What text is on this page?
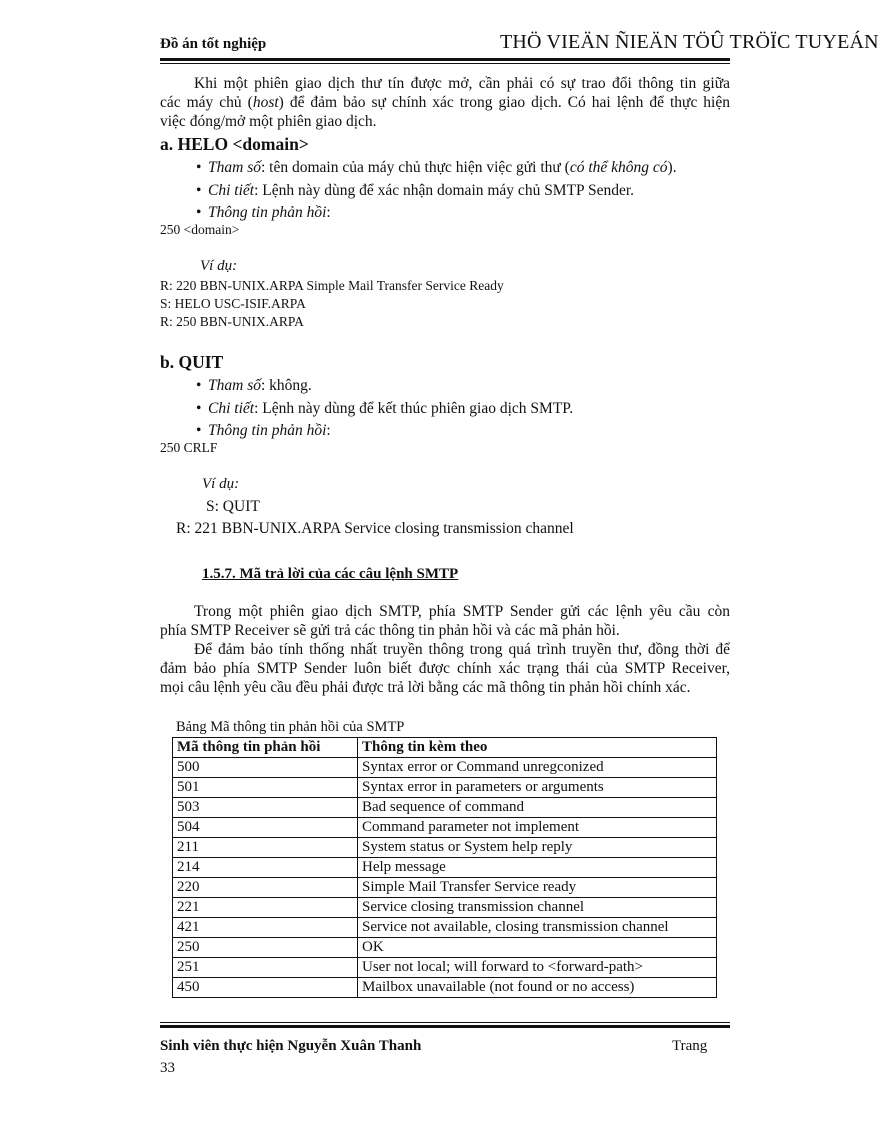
Đồ án tốt nghiệp	THÖ VIEÄN ÑIEÄN TÖÛ TRÖÏC TUYEÁN
Khi một phiên giao dịch thư tín được mở, cần phải có sự trao đổi thông tin giữa
các máy chủ (host) để đảm bảo sự chính xác trong giao dịch. Có hai lệnh để thực hiện
việc đóng/mở một phiên giao dịch.
a. HELO <domain>
• Tham số: tên domain của máy chủ thực hiện việc gửi thư (có thể không có).
• Chi tiết: Lệnh này dùng để xác nhận domain máy chủ SMTP Sender.
• Thông tin phản hồi:
250 <domain>
Ví dụ:
R: 220 BBN-UNIX.ARPA Simple Mail Transfer Service Ready
S: HELO USC-ISIF.ARPA
R: 250 BBN-UNIX.ARPA
b. QUIT
• Tham số: không.
• Chi tiết: Lệnh này dùng để kết thúc phiên giao dịch SMTP.
• Thông tin phản hồi:
250 CRLF
Ví dụ:
S: QUIT
R: 221 BBN-UNIX.ARPA Service closing transmission channel
1.5.7. Mã trả lời của các câu lệnh SMTP
Trong một phiên giao dịch SMTP, phía SMTP Sender gửi các lệnh yêu cầu còn
phía SMTP Receiver sẽ gửi trả các thông tin phản hồi và các mã phản hồi.
Để đảm bảo tính thống nhất truyền thông trong quá trình truyền thư, đồng thời để
đảm bảo phía SMTP Sender luôn biết được chính xác trạng thái của SMTP Receiver,
mọi câu lệnh yêu cầu đều phải được trả lời bằng các mã thông tin phản hồi chính xác.
Bảng Mã thông tin phản hồi của SMTP
Mã thông tin phản hồi	Thông tin kèm theo
500	Syntax error or Command unregconized
501	Syntax error in parameters or arguments
503	Bad sequence of command
504	Command parameter not implement
211	System status or System help reply
214	Help message
220	Simple Mail Transfer Service ready
221	Service closing transmission channel
421	Service not available, closing transmission channel
250	OK
251	User not local; will forward to <forward-path>
450	Mailbox unavailable (not found or no access)
Sinh viên thực hiện Nguyễn Xuân Thanh	Trang
33
